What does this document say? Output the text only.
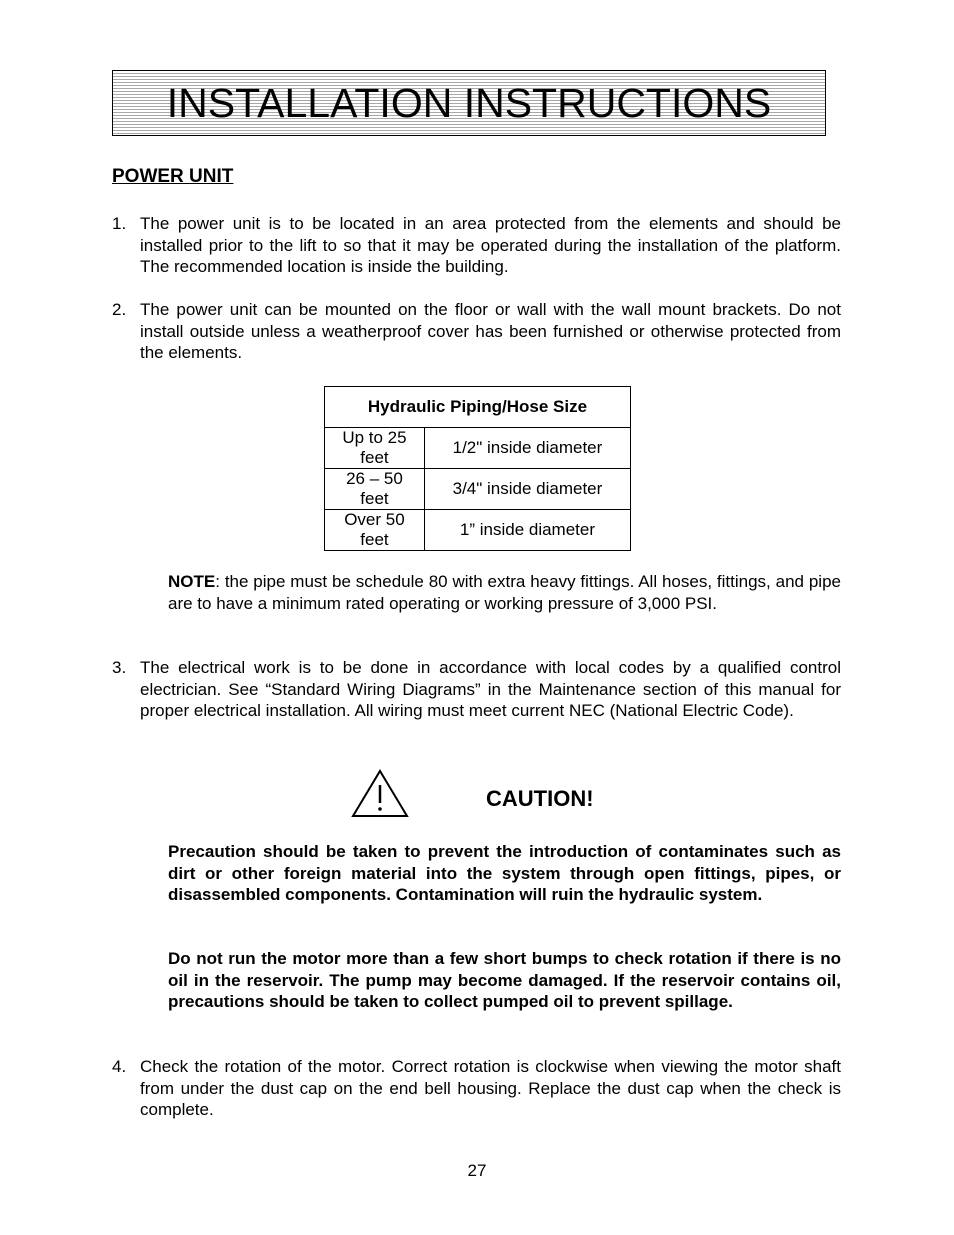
INSTALLATION INSTRUCTIONS
POWER UNIT
1. The power unit is to be located in an area protected from the elements and should be installed prior to the lift to so that it may be operated during the installation of the platform. The recommended location is inside the building.
2. The power unit can be mounted on the floor or wall with the wall mount brackets. Do not install outside unless a weatherproof cover has been furnished or otherwise protected from the elements.
Hydraulic Piping/Hose Size	
Up to 25 feet	1/2" inside diameter
26 – 50 feet	3/4" inside diameter
Over 50 feet	1” inside diameter
NOTE: the pipe must be schedule 80 with extra heavy fittings. All hoses, fittings, and pipe are to have a minimum rated operating or working pressure of 3,000 PSI.
3. The electrical work is to be done in accordance with local codes by a qualified control electrician. See “Standard Wiring Diagrams” in the Maintenance section of this manual for proper electrical installation. All wiring must meet current NEC (National Electric Code).
CAUTION!
Precaution should be taken to prevent the introduction of contaminates such as dirt or other foreign material into the system through open fittings, pipes, or disassembled components. Contamination will ruin the hydraulic system.
Do not run the motor more than a few short bumps to check rotation if there is no oil in the reservoir. The pump may become damaged. If the reservoir contains oil, precautions should be taken to collect pumped oil to prevent spillage.
4. Check the rotation of the motor. Correct rotation is clockwise when viewing the motor shaft from under the dust cap on the end bell housing. Replace the dust cap when the check is complete.
27
